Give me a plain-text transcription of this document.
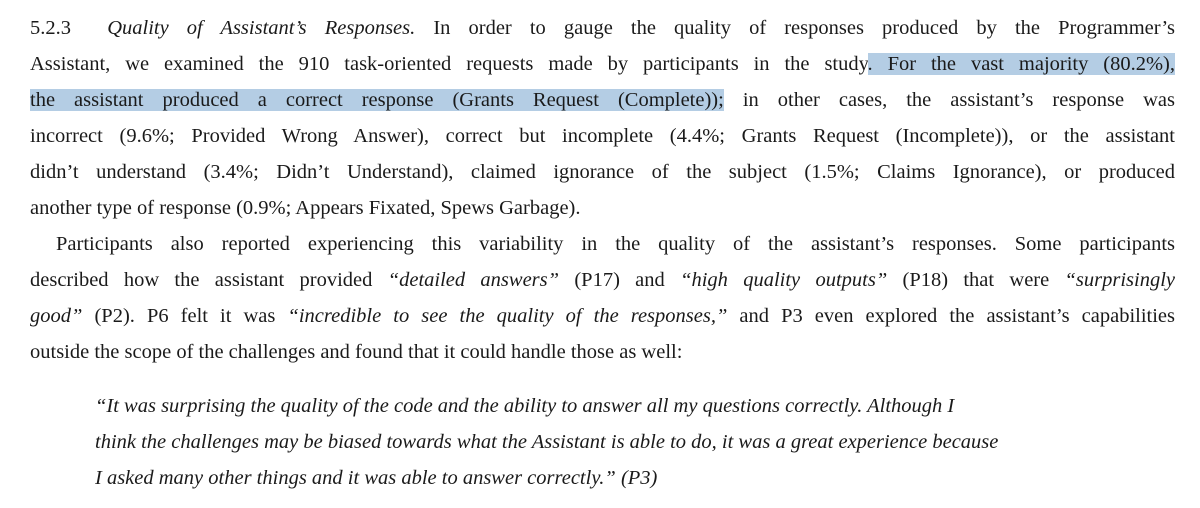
5.2.3 Quality of Assistant’s Responses. In order to gauge the quality of responses produced by the Programmer’s
Assistant, we examined the 910 task-oriented requests made by participants in the study. For the vast majority (80.2%),
the assistant produced a correct response (Grants Request (Complete)); in other cases, the assistant’s response was
incorrect (9.6%; Provided Wrong Answer), correct but incomplete (4.4%; Grants Request (Incomplete)), or the assistant
didn’t understand (3.4%; Didn’t Understand), claimed ignorance of the subject (1.5%; Claims Ignorance), or produced
another type of response (0.9%; Appears Fixated, Spews Garbage).
Participants also reported experiencing this variability in the quality of the assistant’s responses. Some participants
described how the assistant provided “detailed answers” (P17) and “high quality outputs” (P18) that were “surprisingly
good” (P2). P6 felt it was “incredible to see the quality of the responses,” and P3 even explored the assistant’s capabilities
outside the scope of the challenges and found that it could handle those as well:
“It was surprising the quality of the code and the ability to answer all my questions correctly. Although I
think the challenges may be biased towards what the Assistant is able to do, it was a great experience because
I asked many other things and it was able to answer correctly.” (P3)
